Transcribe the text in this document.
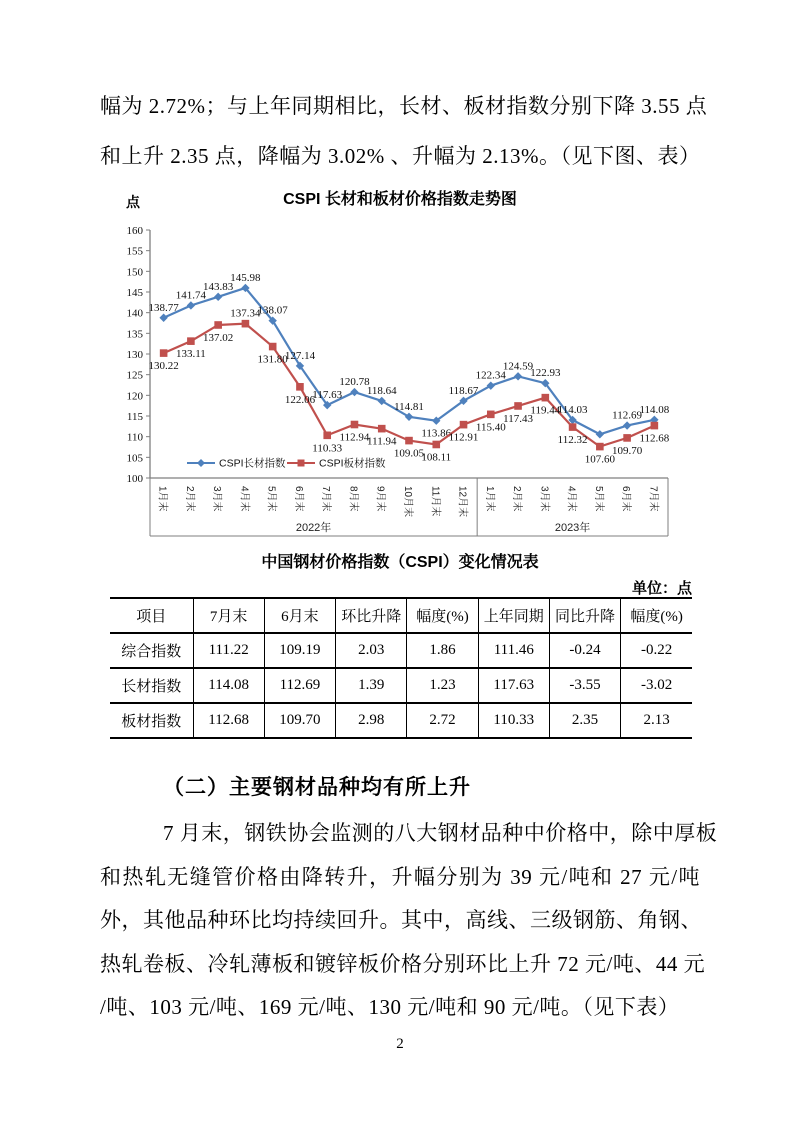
幅为 2.72%；与上年同期相比，长材、板材指数分别下降 3.55 点
和上升 2.35 点，降幅为 3.02% 、升幅为 2.13%。（见下图、表）
点	CSPI 长材和板材价格指数走势图
100
105
110
115
120
125
130
135
140
145
150
155
160
1月末 2月末 3月末 4月末 5月末 6月末 7月末 8月末 9月末 10月末 11月末 12月末 1月末 2月末 3月末 4月末 5月末 6月末 7月末
2022年	2023年
138.77
141.74
143.83
145.98
138.07
127.14
117.63
120.78
118.64
114.81
113.86
118.67
122.34
124.59
122.93
114.03 112.69
114.08
130.22
133.11
137.02
137.34
131.80
122.06
110.33
112.94
111.94
109.05
108.11
112.91
115.40
117.43
119.44
112.32
107.60
109.70
112.68
CSPI长材指数	CSPI板材指数
中国钢材价格指数（CSPI）变化情况表
单位：点
项目	7月末	6月末	环比升降	幅度(%)	上年同期	同比升降	幅度(%)
综合指数	111.22	109.19	2.03	1.86	111.46	-0.24	-0.22
长材指数	114.08	112.69	1.39	1.23	117.63	-3.55	-3.02
板材指数	112.68	109.70	2.98	2.72	110.33	2.35	2.13
（二）主要钢材品种均有所上升
7 月末，钢铁协会监测的八大钢材品种中价格中，除中厚板
和热轧无缝管价格由降转升，升幅分别为 39 元/吨和 27 元/吨
外，其他品种环比均持续回升。其中，高线、三级钢筋、角钢、
热轧卷板、冷轧薄板和镀锌板价格分别环比上升 72 元/吨、44 元
/吨、103 元/吨、169 元/吨、130 元/吨和 90 元/吨。（见下表）
2
